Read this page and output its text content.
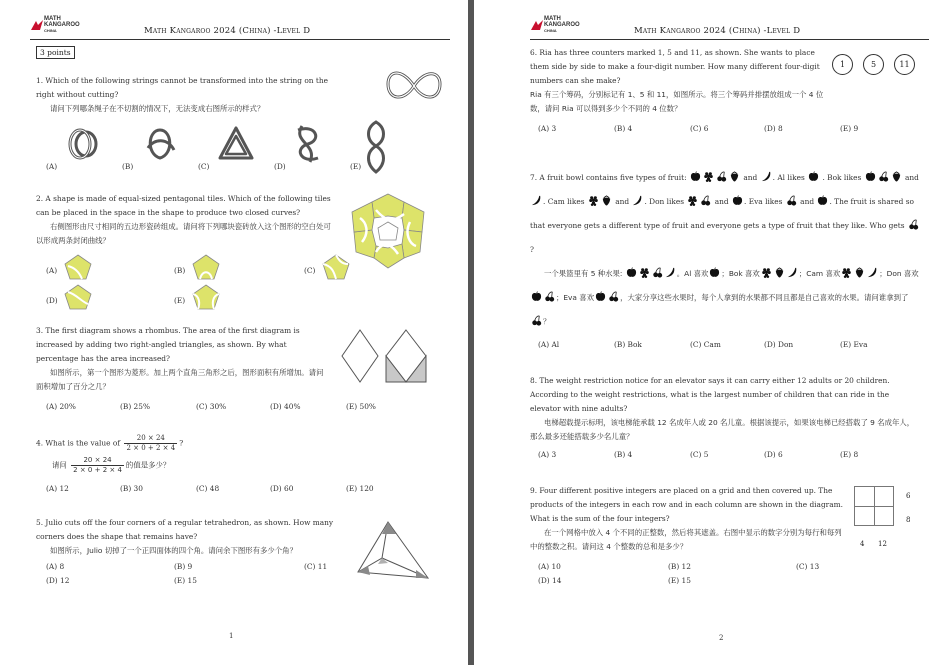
MATH
KANGAROO
CHINA	Math Kangaroo 2024 (China) -Level D
3 points
1. Which of the following strings cannot be transformed into the string on the right without cutting?
请问下列哪条绳子在不切割的情况下，无法变成右图所示的样式？
(A)	(B)	(C)	(D)	(E)
2. A shape is made of equal-sized pentagonal tiles. Which of the following tiles can be placed in the space in the shape to produce two closed curves?
右侧图形由尺寸相同的五边形瓷砖组成。请问将下列哪块瓷砖放入这个图形的空白处可以形成两条封闭曲线？
(A)	(B)	(C)
(D)	(E)
3. The first diagram shows a rhombus. The area of the first diagram is increased by adding two right-angled triangles, as shown. By what percentage has the area increased?
如图所示，第一个图形为菱形。加上两个直角三角形之后，图形面积有所增加。请问面积增加了百分之几？
(A) 20%	(B) 25%	(C) 30%	(D) 40%	(E) 50%
4. What is the value of $\frac{20 \times 24}{2 \times 0 + 2 \times 4}$ ?
请问 $\frac{20 \times 24}{2 \times 0 + 2 \times 4}$ 的值是多少？
(A) 12	(B) 30	(C) 48	(D) 60	(E) 120
5. Julio cuts off the four corners of a regular tetrahedron, as shown. How many corners does the shape that remains have?
如图所示，Julio 切掉了一个正四面体的四个角。请问余下图形有多少个角？
(A) 8	(B) 9	(C) 11
(D) 12	(E) 15
1
MATH
KANGAROO
CHINA	Math Kangaroo 2024 (China) -Level D
6. Ria has three counters marked 1, 5 and 11, as shown. She wants to place them side by side to make a four-digit number. How many different four-digit numbers can she make?
Ria 有三个筹码，分别标记有 1、5 和 11，如图所示。将三个筹码并排摆放组成一个 4 位数，请问 Ria 可以得到多少个不同的 4 位数？
1	5	11
(A) 3	(B) 4	(C) 6	(D) 8	(E) 9
7. A fruit bowl contains five types of fruit:	and . Al likes . Bok likes	and . Cam likes	and . Don likes	and . Eva likes and . The fruit is shared so that everyone gets a different type of fruit and everyone gets a type of fruit that they like. Who gets ?
一个果篮里有 5 种水果:	。Al 喜欢 ；Bok 喜欢	；Cam 喜欢	；Don 喜欢；Eva 喜欢	，大家分享这些水果时，每个人拿到的水果都不同且都是自己喜欢的水果。请问谁拿到了？
(A) Al	(B) Bok	(C) Cam	(D) Don	(E) Eva
8. The weight restriction notice for an elevator says it can carry either 12 adults or 20 children. According to the weight restrictions, what is the largest number of children that can ride in the elevator with nine adults?
电梯超载提示标明，该电梯能承载 12 名成年人或 20 名儿童。根据该提示，如果该电梯已经搭载了 9 名成年人，那么最多还能搭载多少名儿童？
(A) 3	(B) 4	(C) 5	(D) 6	(E) 8
9. Four different positive integers are placed on a grid and then covered up. The products of the integers in each row and in each column are shown in the diagram. What is the sum of the four integers?
在一个网格中放入 4 个不同的正整数，然后将其遮盖。右图中显示的数字分别为每行和每列中的整数之积。请问这 4 个整数的总和是多少？
6
8
4 12
(A) 10	(B) 12	(C) 13
(D) 14	(E) 15
2
